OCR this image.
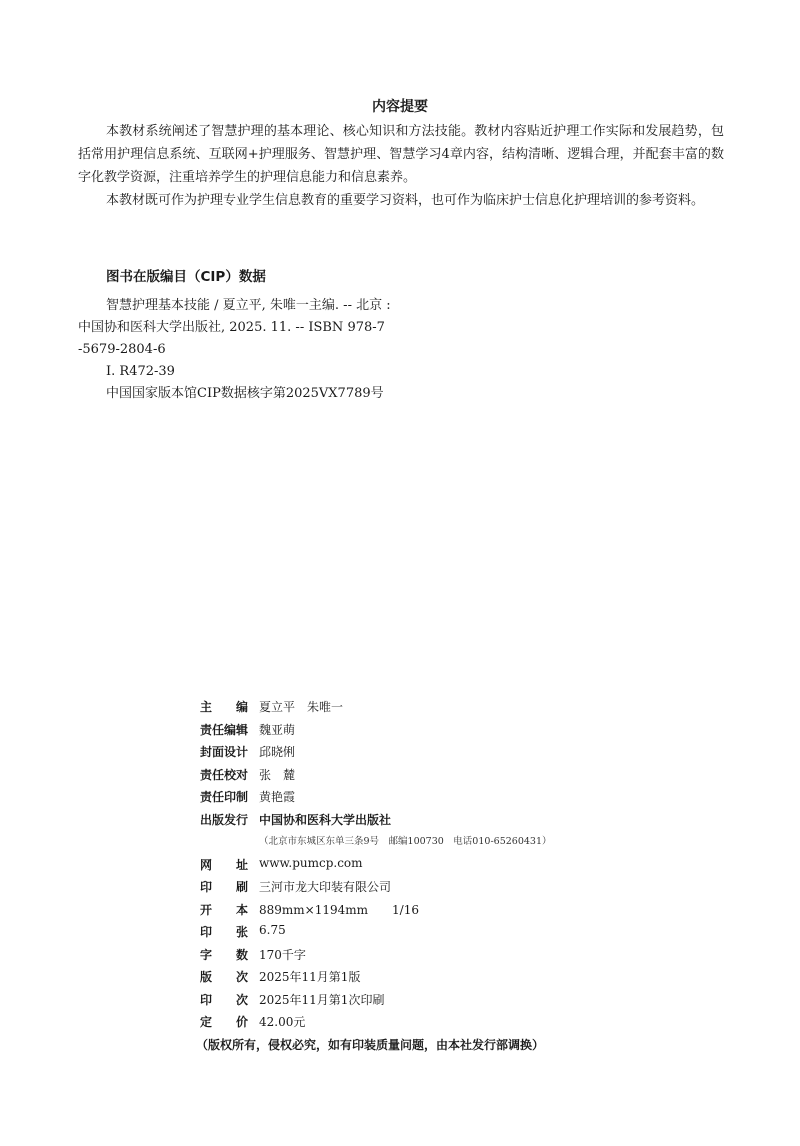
内容提要

本教材系统阐述了智慧护理的基本理论、核心知识和方法技能。教材内容贴近护理工作实际和发展趋势，包括常用护理信息系统、互联网+护理服务、智慧护理、智慧学习4章内容，结构清晰、逻辑合理，并配套丰富的数字化教学资源，注重培养学生的护理信息能力和信息素养。

本教材既可作为护理专业学生信息教育的重要学习资料，也可作为临床护士信息化护理培训的参考资料。

图书在版编目（CIP）数据
智慧护理基本技能 / 夏立平, 朱唯一主编. -- 北京 :
中国协和医科大学出版社, 2025. 11. -- ISBN 978-7
-5679-2804-6
Ⅰ. R472-39
中国国家版本馆CIP数据核字第2025VX7789号
主 编 夏立平　朱唯一
责 任 编 辑 魏亚萌
封 面 设 计 邱晓俐
责 任 校 对 张　麓
责 任 印 制 黄艳霞
出 版 发 行 中国协和医科大学出版社
（北京市东城区东单三条9号　邮编100730　电话010-65260431）
网 址 www.pumcp.com
印 刷 三河市龙大印装有限公司
开 本 889mm×1194mm　　1/16
印 张 6.75
字 数 170千字
版 次 2025年11月第1版
印 次 2025年11月第1次印刷
定 价 42.00元
（版权所有，侵权必究，如有印装质量问题，由本社发行部调换）
